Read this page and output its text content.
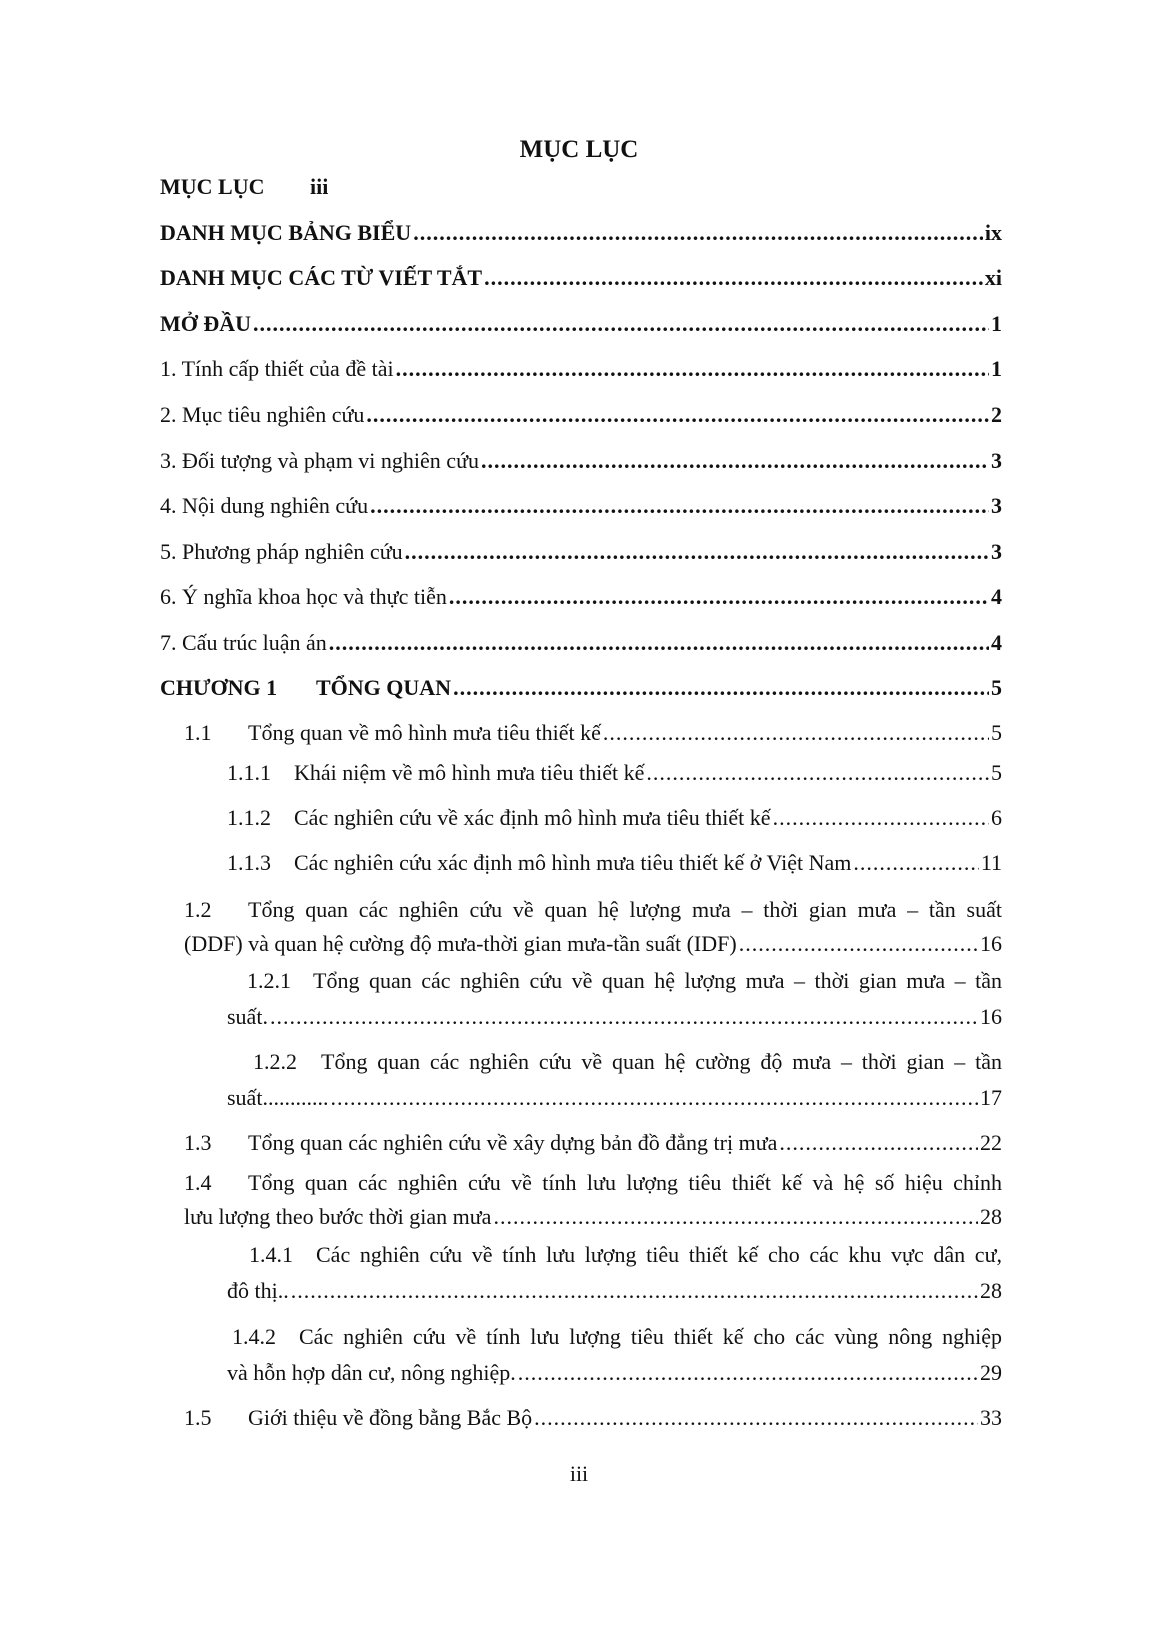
MỤC LỤC
MỤC LỤC iii
DANH MỤC BẢNG BIỂU .....	ix
DANH MỤC CÁC TỪ VIẾT TẮT .....	xi
MỞ ĐẦU .....	1
1. Tính cấp thiết của đề tài .....	1
2. Mục tiêu nghiên cứu .....	2
3. Đối tượng và phạm vi nghiên cứu .....	3
4. Nội dung nghiên cứu .....	3
5. Phương pháp nghiên cứu .....	3
6. Ý nghĩa khoa học và thực tiễn .....	4
7. Cấu trúc luận án .....	4
CHƯƠNG 1	TỔNG QUAN .....	5
1.1	Tổng quan về mô hình mưa tiêu thiết kế .....	5
1.1.1	Khái niệm về mô hình mưa tiêu thiết kế .....	5
1.1.2	Các nghiên cứu về xác định mô hình mưa tiêu thiết kế .....	6
1.1.3	Các nghiên cứu xác định mô hình mưa tiêu thiết kế ở Việt Nam .....	11
1.2	Tổng quan các nghiên cứu về quan hệ lượng mưa – thời gian mưa – tần suất
(DDF) và quan hệ cường độ mưa-thời gian mưa-tần suất (IDF) .....	16
1.2.1	Tổng quan các nghiên cứu về quan hệ lượng mưa – thời gian mưa – tần
suất. .....	16
1.2.2	Tổng quan các nghiên cứu về quan hệ cường độ mưa – thời gian – tần
suất............ .....	17
1.3	Tổng quan các nghiên cứu về xây dựng bản đồ đẳng trị mưa .....	22
1.4	Tổng quan các nghiên cứu về tính lưu lượng tiêu thiết kế và hệ số hiệu chỉnh
lưu lượng theo bước thời gian mưa .....	28
1.4.1	Các nghiên cứu về tính lưu lượng tiêu thiết kế cho các khu vực dân cư,
đô thị.. .....	28
1.4.2	Các nghiên cứu về tính lưu lượng tiêu thiết kế cho các vùng nông nghiệp
và hỗn hợp dân cư, nông nghiệp. .....	29
1.5	Giới thiệu về đồng bằng Bắc Bộ .....	33
iii
